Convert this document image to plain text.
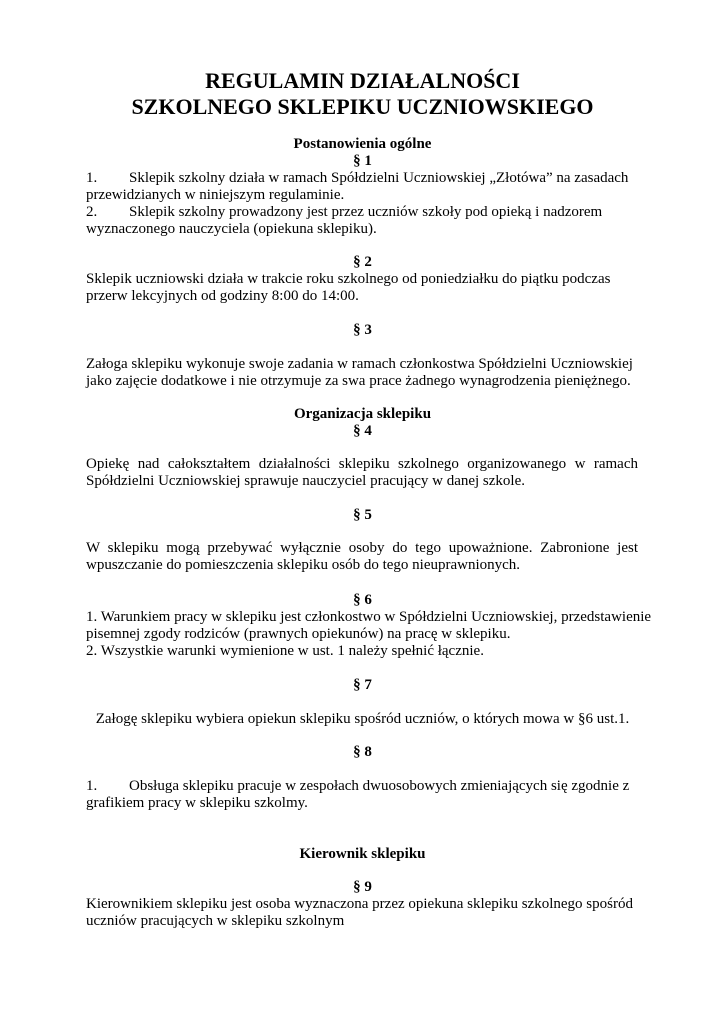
REGULAMIN DZIAŁALNOŚCI
SZKOLNEGO SKLEPIKU UCZNIOWSKIEGO
Postanowienia ogólne
§ 1
1. Sklepik szkolny działa w ramach Spółdzielni Uczniowskiej „Złotówa” na zasadach
przewidzianych w niniejszym regulaminie.
2. Sklepik szkolny prowadzony jest przez uczniów szkoły pod opieką i nadzorem
wyznaczonego nauczyciela (opiekuna sklepiku).
§ 2
Sklepik uczniowski działa w trakcie roku szkolnego od poniedziałku do piątku podczas
przerw lekcyjnych od godziny 8:00 do 14:00.
§ 3
Załoga sklepiku wykonuje swoje zadania w ramach członkostwa Spółdzielni Uczniowskiej
jako zajęcie dodatkowe i nie otrzymuje za swa prace żadnego wynagrodzenia pieniężnego.
Organizacja sklepiku
§ 4
Opiekę nad całokształtem działalności sklepiku szkolnego organizowanego w ramach
Spółdzielni Uczniowskiej sprawuje nauczyciel pracujący w danej szkole.
§ 5
W sklepiku mogą przebywać wyłącznie osoby do tego upoważnione. Zabronione jest
wpuszczanie do pomieszczenia sklepiku osób do tego nieuprawnionych.
§ 6
1. Warunkiem pracy w sklepiku jest członkostwo w Spółdzielni Uczniowskiej, przedstawienie
pisemnej zgody rodziców (prawnych opiekunów) na pracę w sklepiku.
2. Wszystkie warunki wymienione w ust. 1 należy spełnić łącznie.
§ 7
Załogę sklepiku wybiera opiekun sklepiku spośród uczniów, o których mowa w §6 ust.1.
§ 8
1. Obsługa sklepiku pracuje w zespołach dwuosobowych zmieniających się zgodnie z
grafikiem pracy w sklepiku szkolmy.
Kierownik sklepiku
§ 9
Kierownikiem sklepiku jest osoba wyznaczona przez opiekuna sklepiku szkolnego spośród
uczniów pracujących w sklepiku szkolnym
